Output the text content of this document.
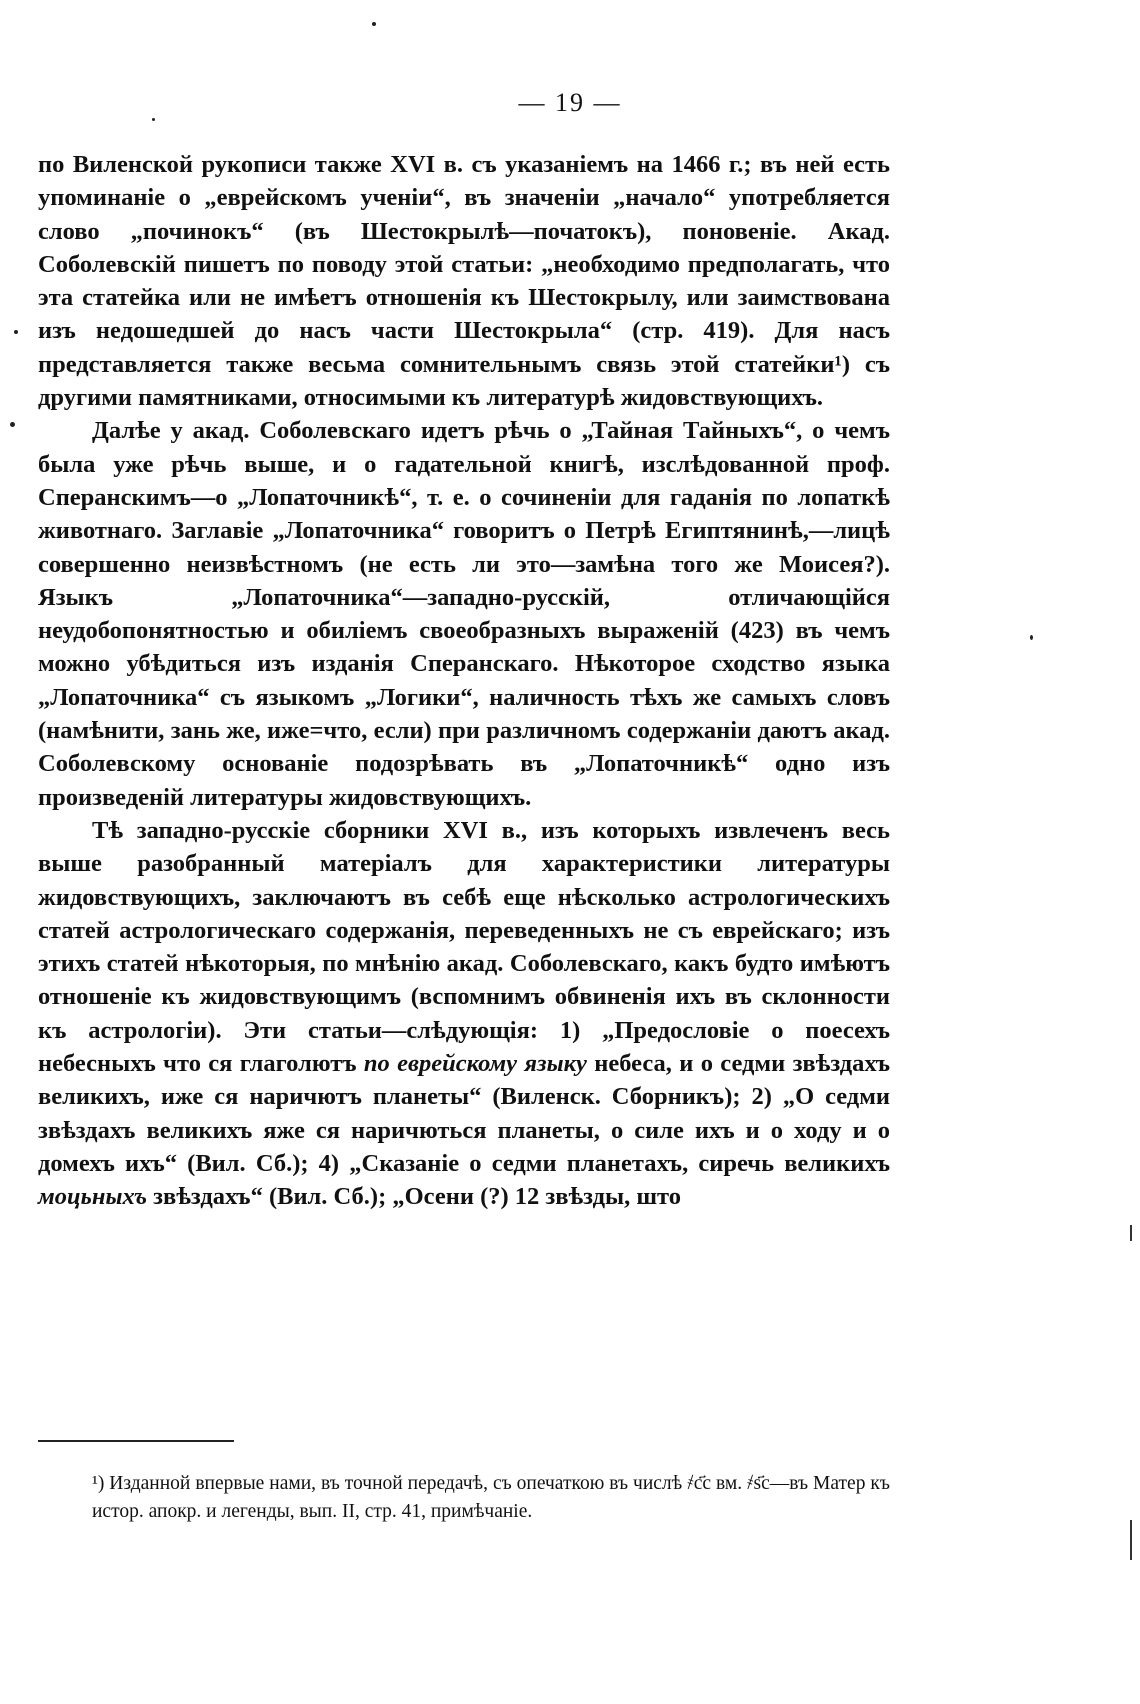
— 19 —

по Виленской рукописи также XVI в. съ указаніемъ на 1466 г.; въ ней есть упоминаніе о „еврейскомъ ученіи“, въ значеніи „начало“ употребляется слово „починокъ“ (въ Шестокрылѣ—початокъ), поновеніе. Акад. Соболевскій пишетъ по поводу этой статьи: „необходимо предполагать, что эта статейка или не имѣетъ отношенія къ Шестокрылу, или заимствована изъ недошедшей до насъ части Шестокрыла“ (стр. 419). Для насъ представляется также весьма сомнительнымъ связь этой статейки¹) съ другими памятниками, относимыми къ литературѣ жидовствующихъ.

Далѣе у акад. Соболевскаго идетъ рѣчь о „Тайная Тайныхъ“, о чемъ была уже рѣчь выше, и о гадательной книгѣ, изслѣдованной проф. Сперанскимъ—о „Лопаточникѣ“, т. е. о сочиненіи для гаданія по лопаткѣ животнаго. Заглавіе „Лопаточника“ говоритъ о Петрѣ Египтянинѣ,—лицѣ совершенно неизвѣстномъ (не есть ли это—замѣна того же Моисея?). Языкъ „Лопаточника“—западно-русскій, отличающійся неудобопонятностью и обиліемъ своеобразныхъ выраженій (423) въ чемъ можно убѣдиться изъ изданія Сперанскаго. Нѣкоторое сходство языка „Лопаточника“ съ языкомъ „Логики“, наличность тѣхъ же самыхъ словъ (намѣнити, зань же, иже=что, если) при различномъ содержаніи даютъ акад. Соболевскому основаніе подозрѣвать въ „Лопаточникѣ“ одно изъ произведеній литературы жидовствующихъ.

Тѣ западно-русскіе сборники XVI в., изъ которыхъ извлеченъ весь выше разобранный матеріалъ для характеристики литературы жидовствующихъ, заключаютъ въ себѣ еще нѣсколько астрологическихъ статей астрологическаго содержанія, переведенныхъ не съ еврейскаго; изъ этихъ статей нѣкоторыя, по мнѣнію акад. Соболевскаго, какъ будто имѣютъ отношеніе къ жидовствующимъ (вспомнимъ обвиненія ихъ въ склонности къ астрологіи). Эти статьи—слѣдующія: 1) „Предословіе о поесехъ небесныхъ что ся глаголютъ по еврейскому языку небеса, и о седми звѣздахъ великихъ, иже ся наричютъ планеты“ (Виленск. Сборникъ); 2) „О седми звѣздахъ великихъ яже ся наричються планеты, о силе ихъ и о ходу и о домехъ ихъ“ (Вил. Сб.); 4) „Сказаніе о седми планетахъ, сиречь великихъ моцьныхъ звѣздахъ“ (Вил. Сб.); „Осени (?) 12 звѣзды, што

¹) Изданной впервые нами, въ точной передачѣ, съ опечаткою въ числѣ ҂с҃с вм. ҂ѕ҃с—въ Матер къ истор. апокр. и легенды, вып. II, стр. 41, примѣчаніе.
